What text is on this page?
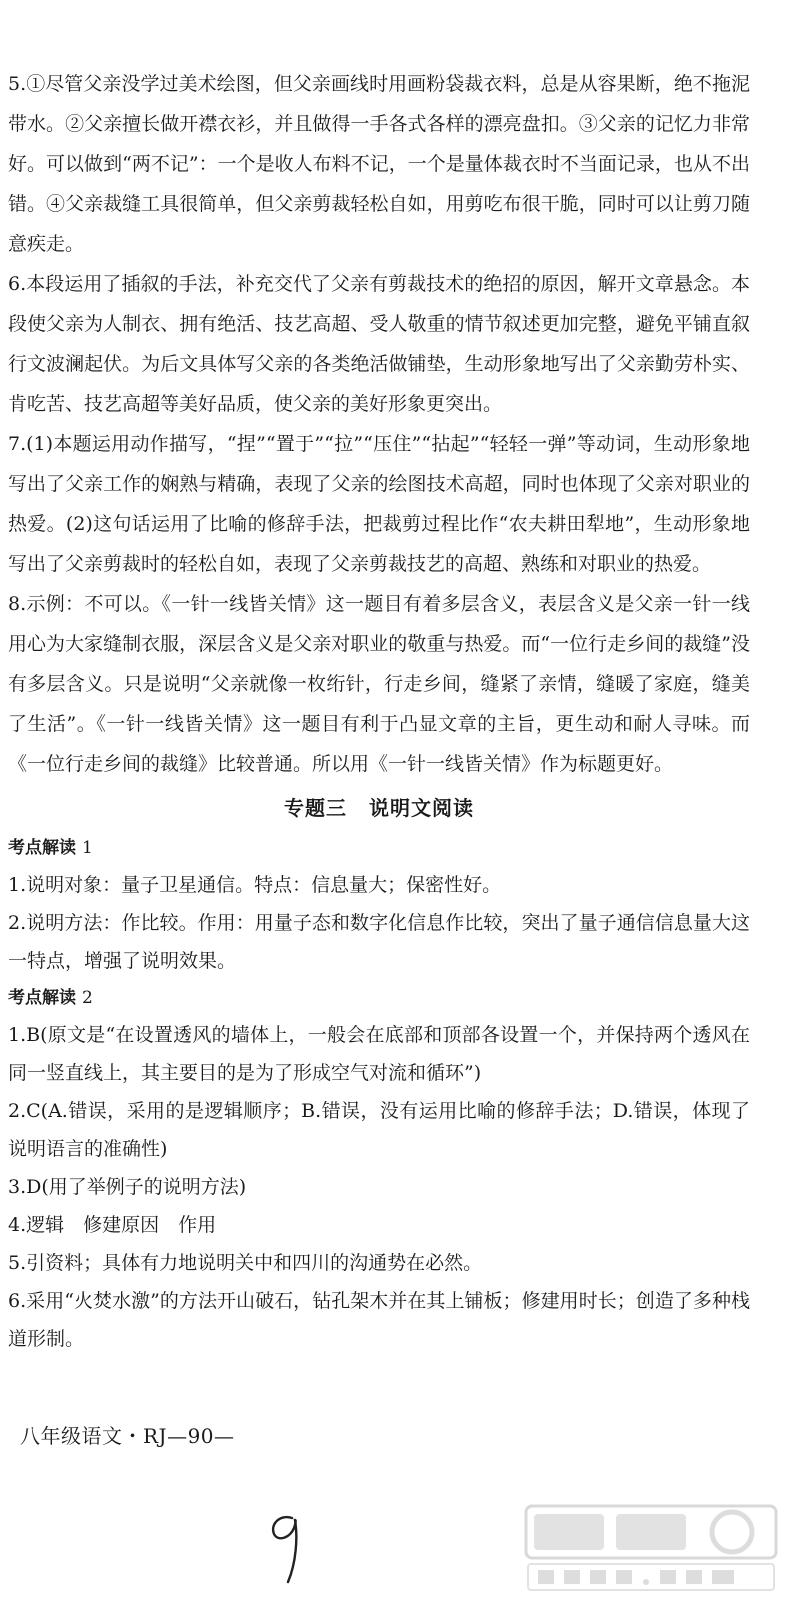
5.①尽管父亲没学过美术绘图，但父亲画线时用画粉袋裁衣料，总是从容果断，绝不拖泥带水。②父亲擅长做开襟衣衫，并且做得一手各式各样的漂亮盘扣。③父亲的记忆力非常好。可以做到“两不记”：一个是收人布料不记，一个是量体裁衣时不当面记录，也从不出错。④父亲裁缝工具很简单，但父亲剪裁轻松自如，用剪吃布很干脆，同时可以让剪刀随意疾走。

6.本段运用了插叙的手法，补充交代了父亲有剪裁技术的绝招的原因，解开文章悬念。本段使父亲为人制衣、拥有绝活、技艺高超、受人敬重的情节叙述更加完整，避免平铺直叙行文波澜起伏。为后文具体写父亲的各类绝活做铺垫，生动形象地写出了父亲勤劳朴实、肯吃苦、技艺高超等美好品质，使父亲的美好形象更突出。

7.(1)本题运用动作描写，“捏”“置于”“拉”“压住”“拈起”“轻轻一弹”等动词，生动形象地写出了父亲工作的娴熟与精确，表现了父亲的绘图技术高超，同时也体现了父亲对职业的热爱。(2)这句话运用了比喻的修辞手法，把裁剪过程比作“农夫耕田犁地”，生动形象地写出了父亲剪裁时的轻松自如，表现了父亲剪裁技艺的高超、熟练和对职业的热爱。

8.示例：不可以。《一针一线皆关情》这一题目有着多层含义，表层含义是父亲一针一线用心为大家缝制衣服，深层含义是父亲对职业的敬重与热爱。而“一位行走乡间的裁缝”没有多层含义。只是说明“父亲就像一枚绗针，行走乡间，缝紧了亲情，缝暖了家庭，缝美了生活”。《一针一线皆关情》这一题目有利于凸显文章的主旨，更生动和耐人寻味。而《一位行走乡间的裁缝》比较普通。所以用《一针一线皆关情》作为标题更好。

专题三 说明文阅读

考点解读 1

1.说明对象：量子卫星通信。特点：信息量大；保密性好。

2.说明方法：作比较。作用：用量子态和数字化信息作比较，突出了量子通信信息量大这一特点，增强了说明效果。

考点解读 2

1.B(原文是“在设置透风的墙体上，一般会在底部和顶部各设置一个，并保持两个透风在同一竖直线上，其主要目的是为了形成空气对流和循环”)

2.C(A.错误，采用的是逻辑顺序；B.错误，没有运用比喻的修辞手法；D.错误，体现了说明语言的准确性)

3.D(用了举例子的说明方法)

4.逻辑　修建原因　作用

5.引资料；具体有力地说明关中和四川的沟通势在必然。

6.采用“火焚水激”的方法开山破石，钻孔架木并在其上铺板；修建用时长；创造了多种栈道形制。

八年级语文・RJ—90—
